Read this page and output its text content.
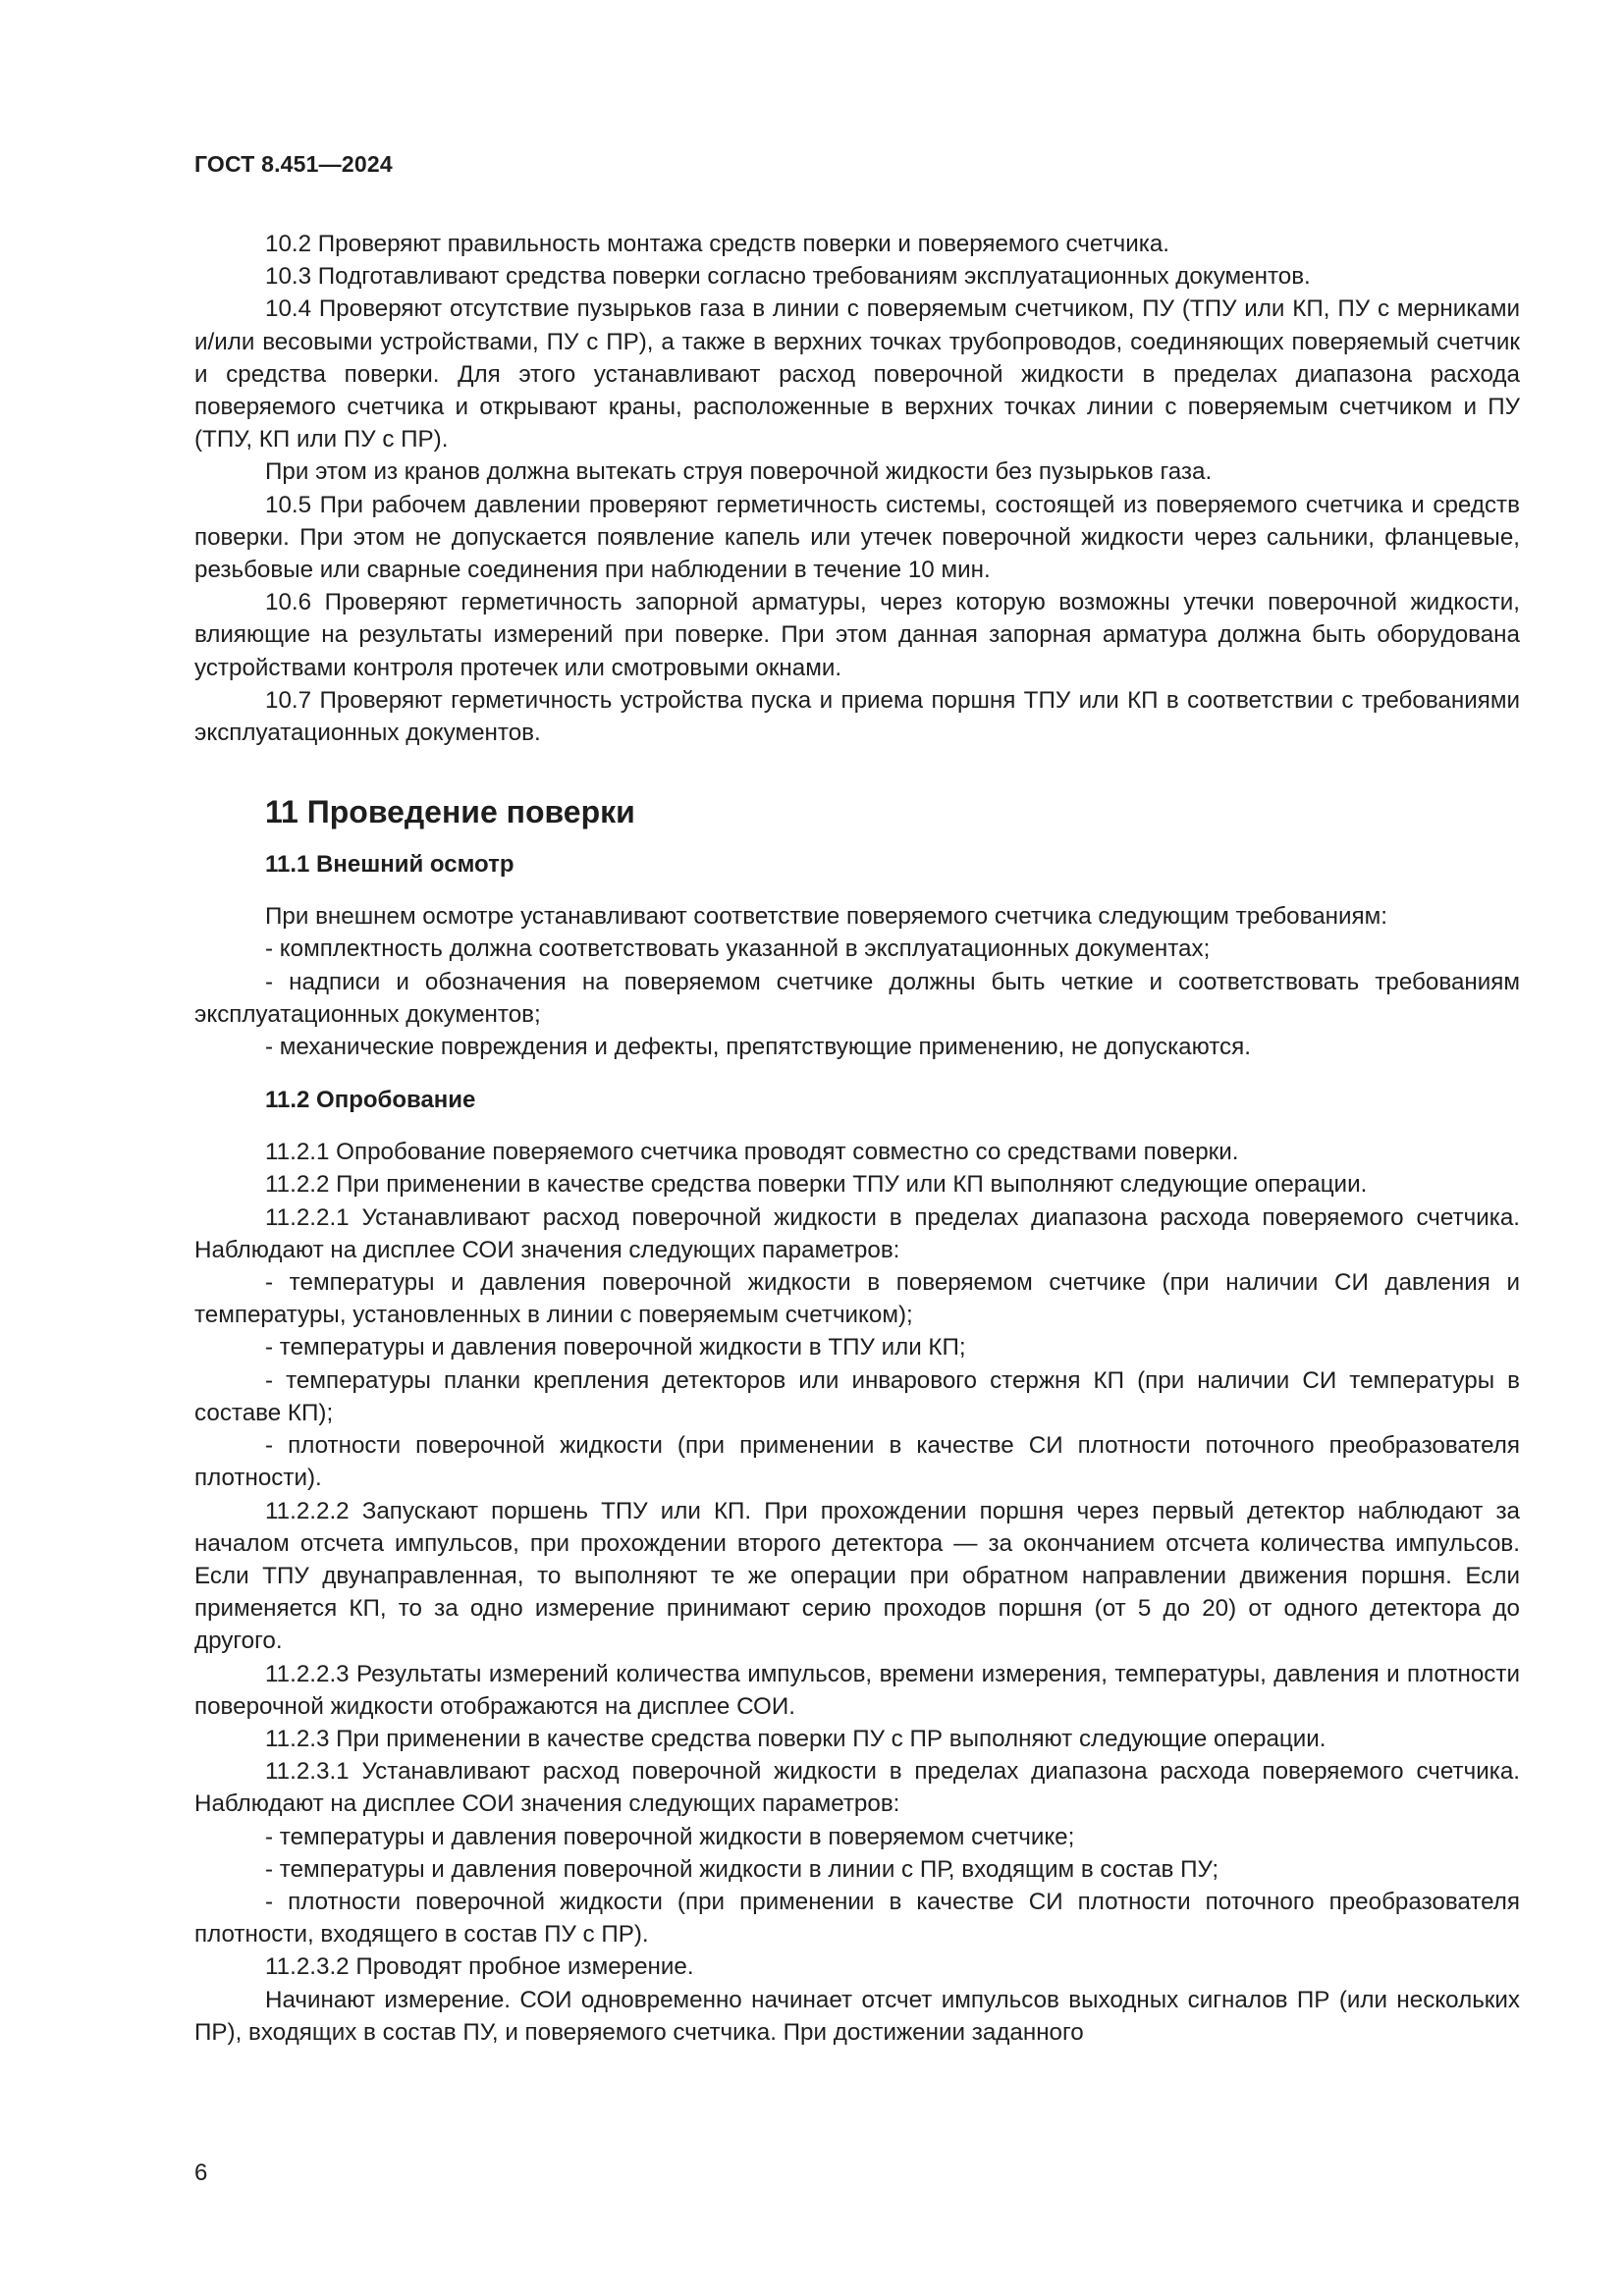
ГОСТ 8.451—2024

10.2 Проверяют правильность монтажа средств поверки и поверяемого счетчика.

10.3 Подготавливают средства поверки согласно требованиям эксплуатационных документов.

10.4 Проверяют отсутствие пузырьков газа в линии с поверяемым счетчиком, ПУ (ТПУ или КП, ПУ с мерниками и/или весовыми устройствами, ПУ с ПР), а также в верхних точках трубопроводов, соединяющих поверяемый счетчик и средства поверки. Для этого устанавливают расход поверочной жидкости в пределах диапазона расхода поверяемого счетчика и открывают краны, расположенные в верхних точках линии с поверяемым счетчиком и ПУ (ТПУ, КП или ПУ с ПР).

При этом из кранов должна вытекать струя поверочной жидкости без пузырьков газа.

10.5 При рабочем давлении проверяют герметичность системы, состоящей из поверяемого счетчика и средств поверки. При этом не допускается появление капель или утечек поверочной жидкости через сальники, фланцевые, резьбовые или сварные соединения при наблюдении в течение 10 мин.

10.6 Проверяют герметичность запорной арматуры, через которую возможны утечки поверочной жидкости, влияющие на результаты измерений при поверке. При этом данная запорная арматура должна быть оборудована устройствами контроля протечек или смотровыми окнами.

10.7 Проверяют герметичность устройства пуска и приема поршня ТПУ или КП в соответствии с требованиями эксплуатационных документов.

11 Проведение поверки
11.1 Внешний осмотр

При внешнем осмотре устанавливают соответствие поверяемого счетчика следующим требованиям:

- комплектность должна соответствовать указанной в эксплуатационных документах;

- надписи и обозначения на поверяемом счетчике должны быть четкие и соответствовать требованиям эксплуатационных документов;

- механические повреждения и дефекты, препятствующие применению, не допускаются.

11.2 Опробование

11.2.1 Опробование поверяемого счетчика проводят совместно со средствами поверки.

11.2.2 При применении в качестве средства поверки ТПУ или КП выполняют следующие операции.

11.2.2.1 Устанавливают расход поверочной жидкости в пределах диапазона расхода поверяемого счетчика. Наблюдают на дисплее СОИ значения следующих параметров:

- температуры и давления поверочной жидкости в поверяемом счетчике (при наличии СИ давления и температуры, установленных в линии с поверяемым счетчиком);

- температуры и давления поверочной жидкости в ТПУ или КП;

- температуры планки крепления детекторов или инварового стержня КП (при наличии СИ температуры в составе КП);

- плотности поверочной жидкости (при применении в качестве СИ плотности поточного преобразователя плотности).

11.2.2.2 Запускают поршень ТПУ или КП. При прохождении поршня через первый детектор наблюдают за началом отсчета импульсов, при прохождении второго детектора — за окончанием отсчета количества импульсов. Если ТПУ двунаправленная, то выполняют те же операции при обратном направлении движения поршня. Если применяется КП, то за одно измерение принимают серию проходов поршня (от 5 до 20) от одного детектора до другого.

11.2.2.3 Результаты измерений количества импульсов, времени измерения, температуры, давления и плотности поверочной жидкости отображаются на дисплее СОИ.

11.2.3 При применении в качестве средства поверки ПУ с ПР выполняют следующие операции.

11.2.3.1 Устанавливают расход поверочной жидкости в пределах диапазона расхода поверяемого счетчика. Наблюдают на дисплее СОИ значения следующих параметров:

- температуры и давления поверочной жидкости в поверяемом счетчике;

- температуры и давления поверочной жидкости в линии с ПР, входящим в состав ПУ;

- плотности поверочной жидкости (при применении в качестве СИ плотности поточного преобразователя плотности, входящего в состав ПУ с ПР).

11.2.3.2 Проводят пробное измерение.

Начинают измерение. СОИ одновременно начинает отсчет импульсов выходных сигналов ПР (или нескольких ПР), входящих в состав ПУ, и поверяемого счетчика. При достижении заданного

6
